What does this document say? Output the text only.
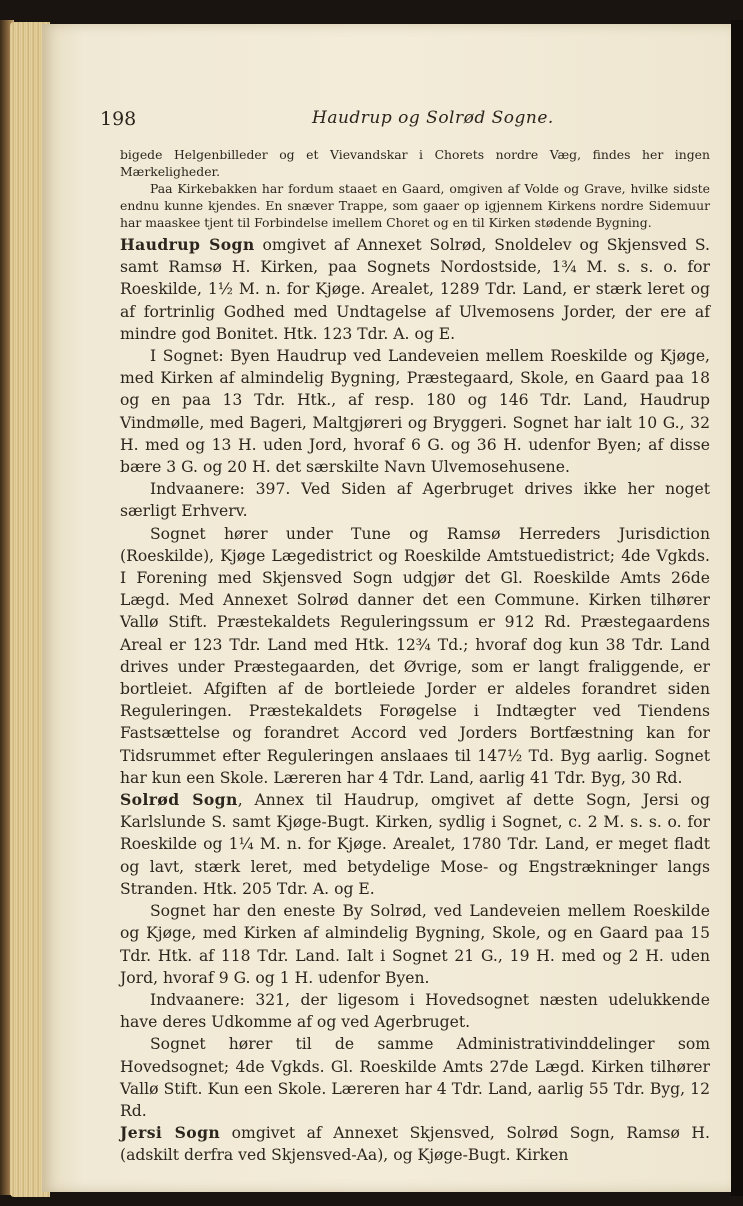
198	Haudrup og Solrød Sogne.

bigede Helgenbilleder og et Vievandskar i Chorets nordre Væg, findes her ingen Mærkeligheder.

Paa Kirkebakken har fordum staaet en Gaard, omgiven af Volde og Grave, hvilke sidste endnu kunne kjendes. En snæver Trappe, som gaaer op igjennem Kirkens nordre Sidemuur har maaskee tjent til Forbindelse imellem Choret og en til Kirken stødende Bygning.

Haudrup Sogn omgivet af Annexet Solrød, Snoldelev og Skjensved S. samt Ramsø H. Kirken, paa Sognets Nordostside, 1¾ M. s. s. o. for Roeskilde, 1½ M. n. for Kjøge. Arealet, 1289 Tdr. Land, er stærk leret og af fortrinlig Godhed med Undtagelse af Ulvemosens Jorder, der ere af mindre god Bonitet. Htk. 123 Tdr. A. og E.

I Sognet: Byen Haudrup ved Landeveien mellem Roeskilde og Kjøge, med Kirken af almindelig Bygning, Præstegaard, Skole, en Gaard paa 18 og en paa 13 Tdr. Htk., af resp. 180 og 146 Tdr. Land, Haudrup Vindmølle, med Bageri, Maltgjøreri og Bryggeri. Sognet har ialt 10 G., 32 H. med og 13 H. uden Jord, hvoraf 6 G. og 36 H. udenfor Byen; af disse bære 3 G. og 20 H. det særskilte Navn Ulvemosehusene.

Indvaanere: 397. Ved Siden af Agerbruget drives ikke her noget særligt Erhverv.

Sognet hører under Tune og Ramsø Herreders Jurisdiction (Roeskilde), Kjøge Lægedistrict og Roeskilde Amtstuedistrict; 4de Vgkds. I Forening med Skjensved Sogn udgjør det Gl. Roeskilde Amts 26de Lægd. Med Annexet Solrød danner det een Commune. Kirken tilhører Vallø Stift. Præstekaldets Reguleringssum er 912 Rd. Præstegaardens Areal er 123 Tdr. Land med Htk. 12¾ Td.; hvoraf dog kun 38 Tdr. Land drives under Præstegaarden, det Øvrige, som er langt fraliggende, er bortleiet. Afgiften af de bortleiede Jorder er aldeles forandret siden Reguleringen. Præstekaldets Forøgelse i Indtægter ved Tiendens Fastsættelse og forandret Accord ved Jorders Bortfæstning kan for Tidsrummet efter Reguleringen anslaaes til 147½ Td. Byg aarlig. Sognet har kun een Skole. Læreren har 4 Tdr. Land, aarlig 41 Tdr. Byg, 30 Rd.

Solrød Sogn, Annex til Haudrup, omgivet af dette Sogn, Jersi og Karlslunde S. samt Kjøge-Bugt. Kirken, sydlig i Sognet, c. 2 M. s. s. o. for Roeskilde og 1¼ M. n. for Kjøge. Arealet, 1780 Tdr. Land, er meget fladt og lavt, stærk leret, med betydelige Mose- og Engstrækninger langs Stranden. Htk. 205 Tdr. A. og E.

Sognet har den eneste By Solrød, ved Landeveien mellem Roeskilde og Kjøge, med Kirken af almindelig Bygning, Skole, og en Gaard paa 15 Tdr. Htk. af 118 Tdr. Land. Ialt i Sognet 21 G., 19 H. med og 2 H. uden Jord, hvoraf 9 G. og 1 H. udenfor Byen.

Indvaanere: 321, der ligesom i Hovedsognet næsten udelukkende have deres Udkomme af og ved Agerbruget.

Sognet hører til de samme Administrativinddelinger som Hovedsognet; 4de Vgkds. Gl. Roeskilde Amts 27de Lægd. Kirken tilhører Vallø Stift. Kun een Skole. Læreren har 4 Tdr. Land, aarlig 55 Tdr. Byg, 12 Rd.

Jersi Sogn omgivet af Annexet Skjensved, Solrød Sogn, Ramsø H. (adskilt derfra ved Skjensved-Aa), og Kjøge-Bugt. Kirken
